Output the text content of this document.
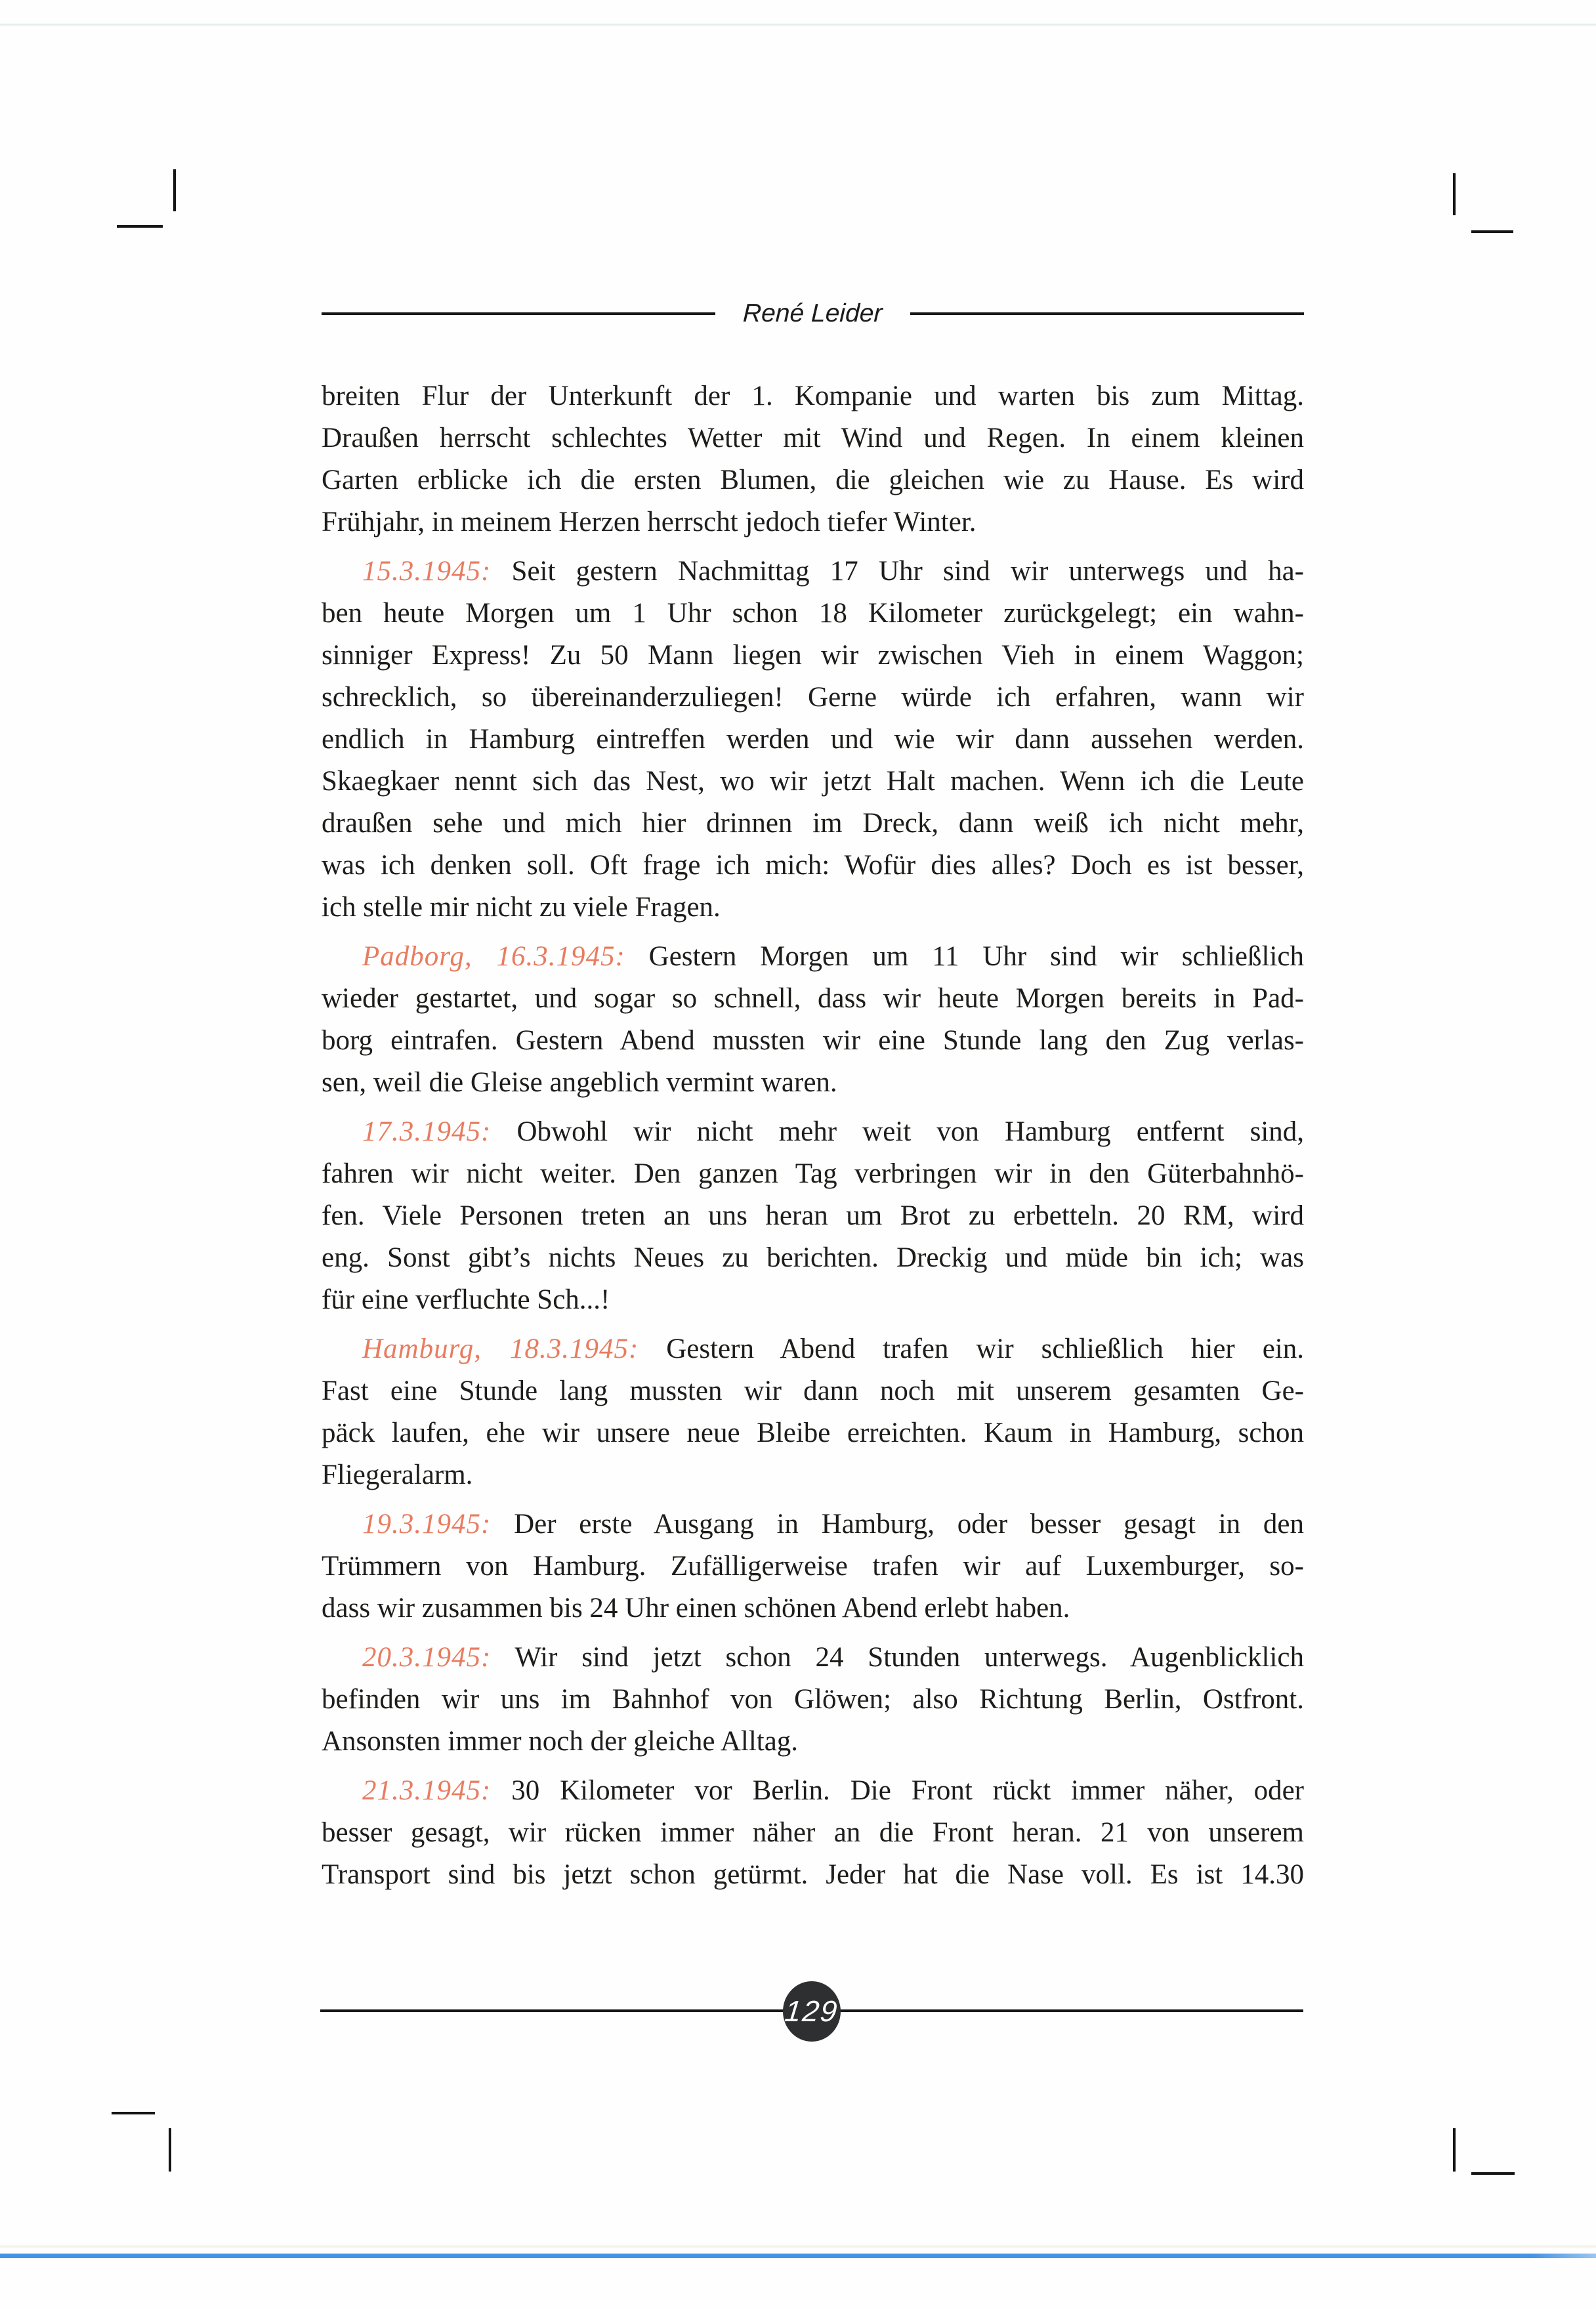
René Leider
breiten Flur der Unterkunft der 1. Kompanie und warten bis zum Mittag.
Draußen herrscht schlechtes Wetter mit Wind und Regen. In einem kleinen
Garten erblicke ich die ersten Blumen, die gleichen wie zu Hause. Es wird
Frühjahr, in meinem Herzen herrscht jedoch tiefer Winter.
15.3.1945: Seit gestern Nachmittag 17 Uhr sind wir unterwegs und ha-
ben heute Morgen um 1 Uhr schon 18 Kilometer zurückgelegt; ein wahn-
sinniger Express! Zu 50 Mann liegen wir zwischen Vieh in einem Waggon;
schrecklich, so übereinanderzuliegen! Gerne würde ich erfahren, wann wir
endlich in Hamburg eintreffen werden und wie wir dann aussehen werden.
Skaegkaer nennt sich das Nest, wo wir jetzt Halt machen. Wenn ich die Leute
draußen sehe und mich hier drinnen im Dreck, dann weiß ich nicht mehr,
was ich denken soll. Oft frage ich mich: Wofür dies alles? Doch es ist besser,
ich stelle mir nicht zu viele Fragen.
Padborg, 16.3.1945: Gestern Morgen um 11 Uhr sind wir schließlich
wieder gestartet, und sogar so schnell, dass wir heute Morgen bereits in Pad-
borg eintrafen. Gestern Abend mussten wir eine Stunde lang den Zug verlas-
sen, weil die Gleise angeblich vermint waren.
17.3.1945: Obwohl wir nicht mehr weit von Hamburg entfernt sind,
fahren wir nicht weiter. Den ganzen Tag verbringen wir in den Güterbahnhö-
fen. Viele Personen treten an uns heran um Brot zu erbetteln. 20 RM, wird
eng. Sonst gibt’s nichts Neues zu berichten. Dreckig und müde bin ich; was
für eine verfluchte Sch...!
Hamburg, 18.3.1945: Gestern Abend trafen wir schließlich hier ein.
Fast eine Stunde lang mussten wir dann noch mit unserem gesamten Ge-
päck laufen, ehe wir unsere neue Bleibe erreichten. Kaum in Hamburg, schon
Fliegeralarm.
19.3.1945: Der erste Ausgang in Hamburg, oder besser gesagt in den
Trümmern von Hamburg. Zufälligerweise trafen wir auf Luxemburger, so-
dass wir zusammen bis 24 Uhr einen schönen Abend erlebt haben.
20.3.1945: Wir sind jetzt schon 24 Stunden unterwegs. Augenblicklich
befinden wir uns im Bahnhof von Glöwen; also Richtung Berlin, Ostfront.
Ansonsten immer noch der gleiche Alltag.
21.3.1945: 30 Kilometer vor Berlin. Die Front rückt immer näher, oder
besser gesagt, wir rücken immer näher an die Front heran. 21 von unserem
Transport sind bis jetzt schon getürmt. Jeder hat die Nase voll. Es ist 14.30
129
